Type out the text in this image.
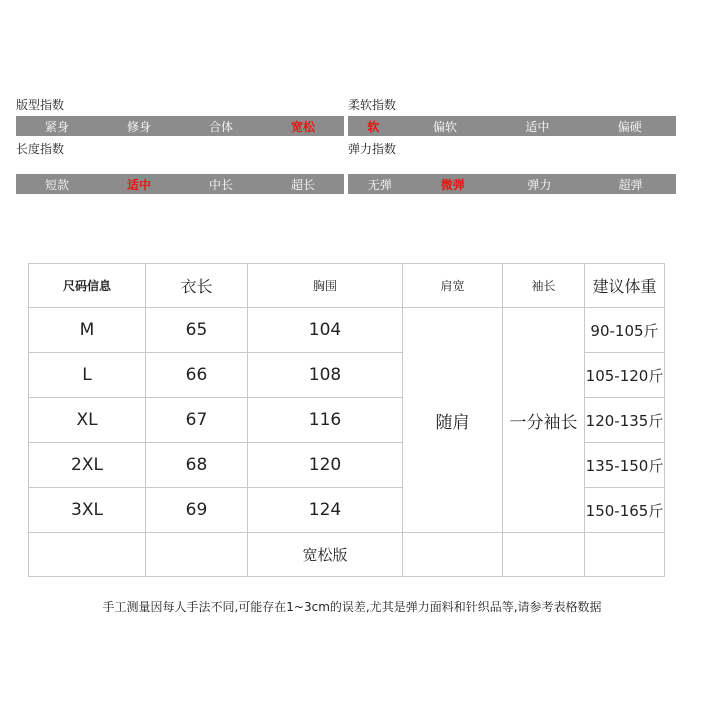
版型指数
紧身	修身	合体	宽松
柔软指数
软	偏软	适中	偏硬
长度指数
短款	适中	中长	超长
弹力指数
无弹	微弹	弹力	超弹
尺码信息	衣长	胸围	肩宽	袖长	建议体重
M	65	104	随肩	一分袖长	90-105斤
L	66	108			105-120斤
XL	67	116			120-135斤
2XL	68	120			135-150斤
3XL	69	124			150-165斤
		宽松版			
手工测量因每人手法不同,可能存在1~3cm的误差,尤其是弹力面料和针织品等,请参考表格数据
